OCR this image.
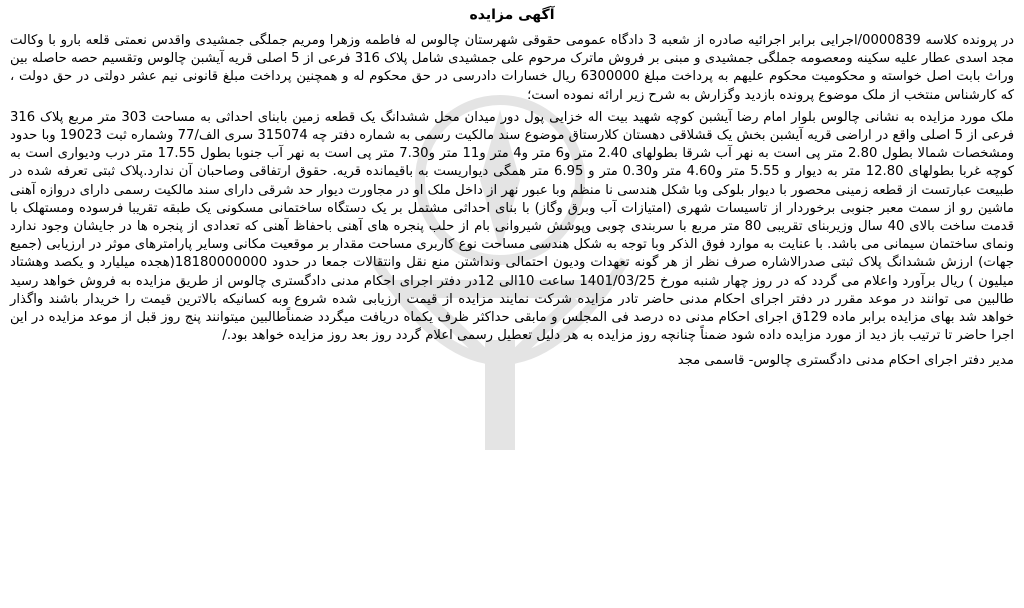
آگهی مزایده

در پرونده کلاسه 0000839/اجرایی برابر اجرائیه صادره از شعبه 3 دادگاه عمومی حقوقی شهرستان چالوس له فاطمه وزهرا ومریم جملگی جمشیدی واقدس نعمتی قلعه بارو با وکالت مجد اسدی عطار علیه سکینه ومعصومه جملگی جمشیدی و مبنی بر فروش ماترک مرحوم علی جمشیدی شامل پلاک 316 فرعی از 5 اصلی قریه آیشبن چالوس وتقسیم حصه حاصله بین وراث بابت اصل خواسته و محکومیت محکوم علیهم به پرداخت مبلغ 6300000 ریال خسارات دادرسی در حق محکوم له و همچنین پرداخت مبلغ قانونی نیم عشر دولتی در حق دولت ، که کارشناس منتخب از ملک موضوع پرونده بازدید وگزارش به شرح زیر ارائه نموده است؛

ملک مورد مزایده به نشانی چالوس بلوار امام رضا آیشبن کوچه شهید بیت اله خزایی پول دور میدان محل ششدانگ یک قطعه زمین بابنای احداثی به مساحت 303 متر مربع پلاک 316 فرعی از 5 اصلی واقع در اراضی قریه آیشبن بخش یک قشلاقی دهستان کلارستاق موضوع سند مالکیت رسمی به شماره دفتر چه 315074 سری الف/77 وشماره ثبت 19023 وبا حدود ومشخصات شمالا بطول 2.80 متر پی است به نهر آب شرقا بطولهای 2.40 متر و6 متر و4 متر و11 متر و7.30 متر پی است به نهر آب جنوبا بطول 17.55 متر درب ودیواری است به کوچه غربا بطولهای 12.80 متر به دیوار و 5.55 متر و4.60 متر و0.30 متر و 6.95 متر همگی دیواریست به باقیمانده قریه. حقوق ارتفاقی وصاحبان آن ندارد.پلاک ثبتی تعرفه شده در طبیعت عبارتست از قطعه زمینی محصور با دیوار بلوکی وبا شکل هندسی نا منظم وبا عبور نهر از داخل ملک او در مجاورت دیوار حد شرقی دارای سند مالکیت رسمی دارای دروازه آهنی ماشین رو از سمت معبر جنوبی برخوردار از تاسیسات شهری (امتیازات آب وبرق وگاز) با بنای احداثی مشتمل بر یک دستگاه ساختمانی مسکونی یک طبقه تقریبا فرسوده ومستهلک با قدمت ساخت بالای 40 سال وزیربنای تقریبی 80 متر مربع با سربندی چوبی وپوشش شیروانی بام از حلب پنجره های آهنی باحفاظ آهنی که تعدادی از پنجره ها در جایشان وجود ندارد ونمای ساختمان سیمانی می باشد. با عنایت به موارد فوق الذکر وبا توجه به شکل هندسی مساحت نوع کاربری مساحت مقدار بر موقعیت مکانی وسایر پارامترهای موثر در ارزیابی (جمیع جهات) ارزش ششدانگ پلاک ثبتی صدرالاشاره صرف نظر از هر گونه تعهدات ودیون احتمالی ونداشتن منع نقل وانتقالات جمعا در حدود 18180000000(هجده میلیارد و یکصد وهشتاد میلیون ) ریال برآورد واعلام می گردد که در روز چهار شنبه مورخ 1401/03/25 ساعت 10الی 12در دفتر اجرای احکام مدنی دادگستری چالوس از طریق مزایده به فروش خواهد رسید طالبین می توانند در موعد مقرر در دفتر اجرای احکام مدنی حاضر تادر مزایده شرکت نمایند مزایده از قیمت ارزیابی شده شروع وبه کسانیکه بالاترین قیمت را خریدار باشند واگذار خواهد شد بهای مزایده برابر ماده 129ق اجرای احکام مدنی ده درصد فی المجلس و مابقی حداکثر ظرف یکماه دریافت میگردد ضمناًطالبین میتوانند پنج روز قبل از موعد مزایده در این اجرا حاضر تا ترتیب باز دید از مورد مزایده داده شود ضمناً چنانچه روز مزایده به هر دلیل تعطیل رسمی اعلام گردد روز بعد روز مزایده خواهد بود./

مدیر دفتر اجرای احکام مدنی دادگستری چالوس- قاسمی مجد
